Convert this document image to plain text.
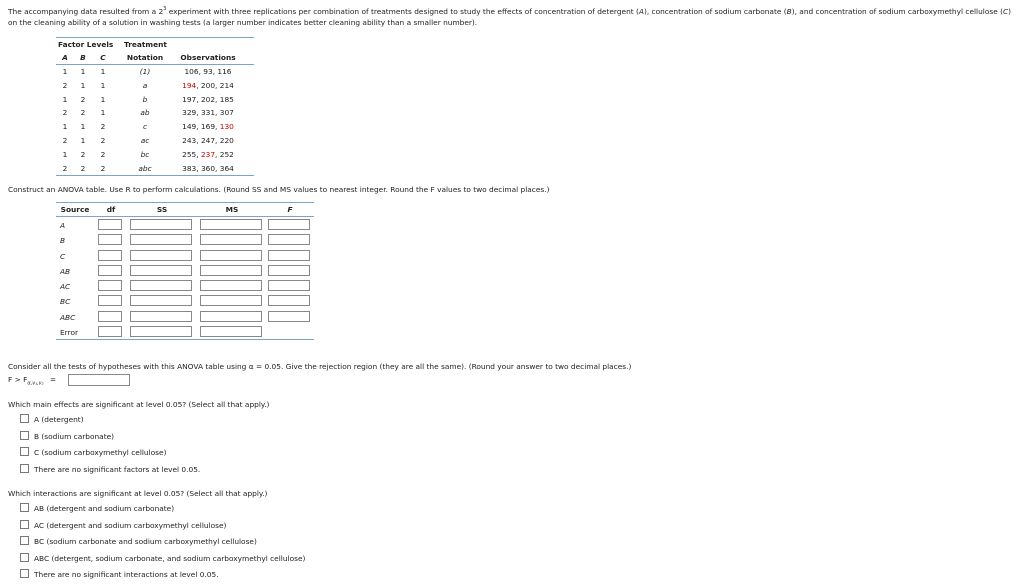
The accompanying data resulted from a $2^3$ experiment with three replications per combination of treatments designed to study the effects of concentration of detergent (A), concentration of sodium carbonate (B), and concentration of sodium carboxymethyl cellulose (C) on the cleaning ability of a solution in washing tests (a larger number indicates better cleaning ability than a smaller number).
Factor Levels	Treatment
A	B	C	Notation	Observations
1	1	1	(1)	106, 93, 116
2	1	1	a	194, 200, 214
1	2	1	b	197, 202, 185
2	2	1	ab	329, 331, 307
1	1	2	c	149, 169, 130
2	1	2	ac	243, 247, 220
1	2	2	bc	255, 237, 252
2	2	2	abc	383, 360, 364
Construct an ANOVA table. Use R to perform calculations. (Round SS and MS values to nearest integer. Round the F values to two decimal places.)
Source	df	SS	MS	F
A
B
C
AB
AC
BC
ABC
Error
Consider all the tests of hypotheses with this ANOVA table using α = 0.05. Give the rejection region (they are all the same). (Round your answer to two decimal places.)
$F > F_{\alpha,\nu_1,\nu_2}$ =
Which main effects are significant at level 0.05? (Select all that apply.)
A (detergent)
B (sodium carbonate)
C (sodium carboxymethyl cellulose)
There are no significant factors at level 0.05.
Which interactions are significant at level 0.05? (Select all that apply.)
AB (detergent and sodium carbonate)
AC (detergent and sodium carboxymethyl cellulose)
BC (sodium carbonate and sodium carboxymethyl cellulose)
ABC (detergent, sodium carbonate, and sodium carboxymethyl cellulose)
There are no significant interactions at level 0.05.
